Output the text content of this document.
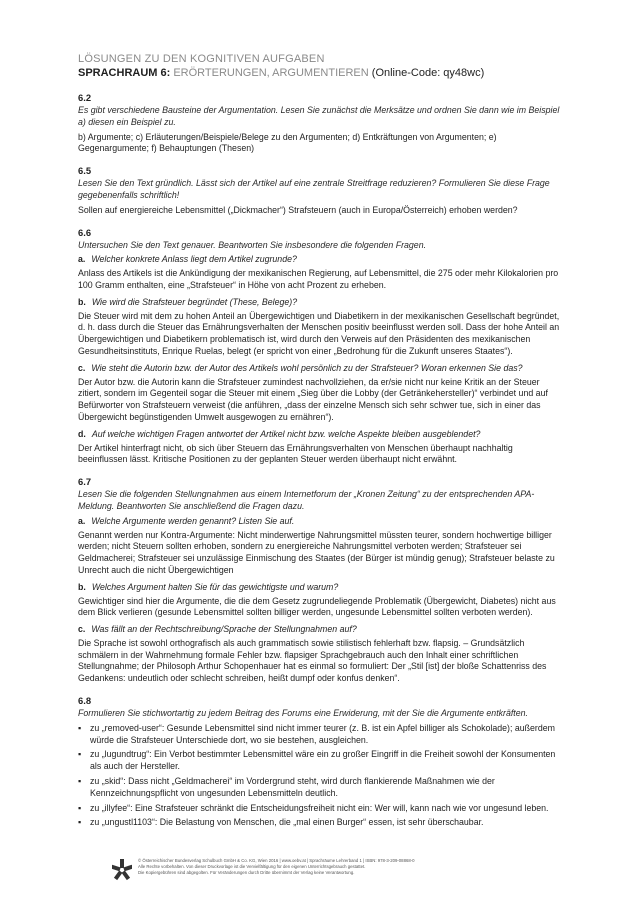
LÖSUNGEN ZU DEN KOGNITIVEN AUFGABEN

SPRACHRAUM 6: ERÖRTERUNGEN, ARGUMENTIEREN (Online-Code: qy48wc)

6.2

Es gibt verschiedene Bausteine der Argumentation. Lesen Sie zunächst die Merksätze und ordnen Sie dann wie im Beispiel a) diesen ein Beispiel zu.

b) Argumente; c) Erläuterungen/Beispiele/Belege zu den Argumenten; d) Entkräftungen von Argumenten; e) Gegenargumente; f) Behauptungen (Thesen)

6.5

Lesen Sie den Text gründlich. Lässt sich der Artikel auf eine zentrale Streitfrage reduzieren? Formulieren Sie diese Frage gegebenenfalls schriftlich!

Sollen auf energiereiche Lebensmittel („Dickmacher“) Strafsteuern (auch in Europa/Österreich) erhoben werden?

6.6

Untersuchen Sie den Text genauer. Beantworten Sie insbesondere die folgenden Fragen.

a. Welcher konkrete Anlass liegt dem Artikel zugrunde?

Anlass des Artikels ist die Ankündigung der mexikanischen Regierung, auf Lebensmittel, die 275 oder mehr Kilokalorien pro 100 Gramm enthalten, eine „Strafsteuer“ in Höhe von acht Prozent zu erheben.

b. Wie wird die Strafsteuer begründet (These, Belege)?

Die Steuer wird mit dem zu hohen Anteil an Übergewichtigen und Diabetikern in der mexikanischen Gesellschaft begründet, d. h. dass durch die Steuer das Ernährungsverhalten der Menschen positiv beeinflusst werden soll. Dass der hohe Anteil an Übergewichtigen und Diabetikern problematisch ist, wird durch den Verweis auf den Präsidenten des mexikanischen Gesundheitsinstituts, Enrique Ruelas, belegt (er spricht von einer „Bedrohung für die Zukunft unseres Staates“).

c. Wie steht die Autorin bzw. der Autor des Artikels wohl persönlich zu der Strafsteuer? Woran erkennen Sie das?

Der Autor bzw. die Autorin kann die Strafsteuer zumindest nachvollziehen, da er/sie nicht nur keine Kritik an der Steuer zitiert, sondern im Gegenteil sogar die Steuer mit einem „Sieg über die Lobby (der Getränkehersteller)“ verbindet und auf Befürworter von Strafsteuern verweist (die anführen, „dass der einzelne Mensch sich sehr schwer tue, sich in einer das Übergewicht begünstigenden Umwelt ausgewogen zu ernähren“).

d. Auf welche wichtigen Fragen antwortet der Artikel nicht bzw. welche Aspekte bleiben ausgeblendet?

Der Artikel hinterfragt nicht, ob sich über Steuern das Ernährungsverhalten von Menschen überhaupt nachhaltig beeinflussen lässt. Kritische Positionen zu der geplanten Steuer werden überhaupt nicht erwähnt.

6.7

Lesen Sie die folgenden Stellungnahmen aus einem Internetforum der „Kronen Zeitung“ zu der entsprechenden APA-Meldung. Beantworten Sie anschließend die Fragen dazu.

a. Welche Argumente werden genannt? Listen Sie auf.

Genannt werden nur Kontra-Argumente: Nicht minderwertige Nahrungsmittel müssten teurer, sondern hochwertige billiger werden; nicht Steuern sollten erhoben, sondern zu energiereiche Nahrungsmittel verboten werden; Strafsteuer sei Geldmacherei; Strafsteuer sei unzulässige Einmischung des Staates (der Bürger ist mündig genug); Strafsteuer belaste zu Unrecht auch die nicht Übergewichtigen

b. Welches Argument halten Sie für das gewichtigste und warum?

Gewichtiger sind hier die Argumente, die die dem Gesetz zugrundeliegende Problematik (Übergewicht, Diabetes) nicht aus dem Blick verlieren (gesunde Lebensmittel sollten billiger werden, ungesunde Lebensmittel sollten verboten werden).

c. Was fällt an der Rechtschreibung/Sprache der Stellungnahmen auf?

Die Sprache ist sowohl orthografisch als auch grammatisch sowie stilistisch fehlerhaft bzw. flapsig. – Grundsätzlich schmälern in der Wahrnehmung formale Fehler bzw. flapsiger Sprachgebrauch auch den Inhalt einer schriftlichen Stellungnahme; der Philosoph Arthur Schopenhauer hat es einmal so formuliert: Der „Stil [ist] der bloße Schattenriss des Gedankens: undeutlich oder schlecht schreiben, heißt dumpf oder konfus denken“.

6.8

Formulieren Sie stichwortartig zu jedem Beitrag des Forums eine Erwiderung, mit der Sie die Argumente entkräften.

▪ zu „removed-user“: Gesunde Lebensmittel sind nicht immer teurer (z. B. ist ein Apfel billiger als Schokolade); außerdem würde die Strafsteuer Unterschiede dort, wo sie bestehen, ausgleichen.
▪ zu „lugundtrug“: Ein Verbot bestimmter Lebensmittel wäre ein zu großer Eingriff in die Freiheit sowohl der Konsumenten als auch der Hersteller.
▪ zu „skid“: Dass nicht „Geldmacherei“ im Vordergrund steht, wird durch flankierende Maßnahmen wie der Kennzeichnungspflicht von ungesunden Lebensmitteln deutlich.
▪ zu „illyfee“: Eine Strafsteuer schränkt die Entscheidungsfreiheit nicht ein: Wer will, kann nach wie vor ungesund leben.
▪ zu „ungustl1103“: Die Belastung von Menschen, die „mal einen Burger“ essen, ist sehr überschaubar.

© Österreichischer Bundesverlag Schulbuch GmbH & Co. KG, Wien 2016 | www.oebv.at | Sprachräume Lehrerband 1 | ISBN: 978-3-209-08868-0

Alle Rechte vorbehalten. Von dieser Druckvorlage ist die Vervielfältigung für den eigenen Unterrichtsgebrauch gestattet.

Die Kopiergebühren sind abgegolten. Für Veränderungen durch Dritte übernimmt der Verlag keine Verantwortung.
